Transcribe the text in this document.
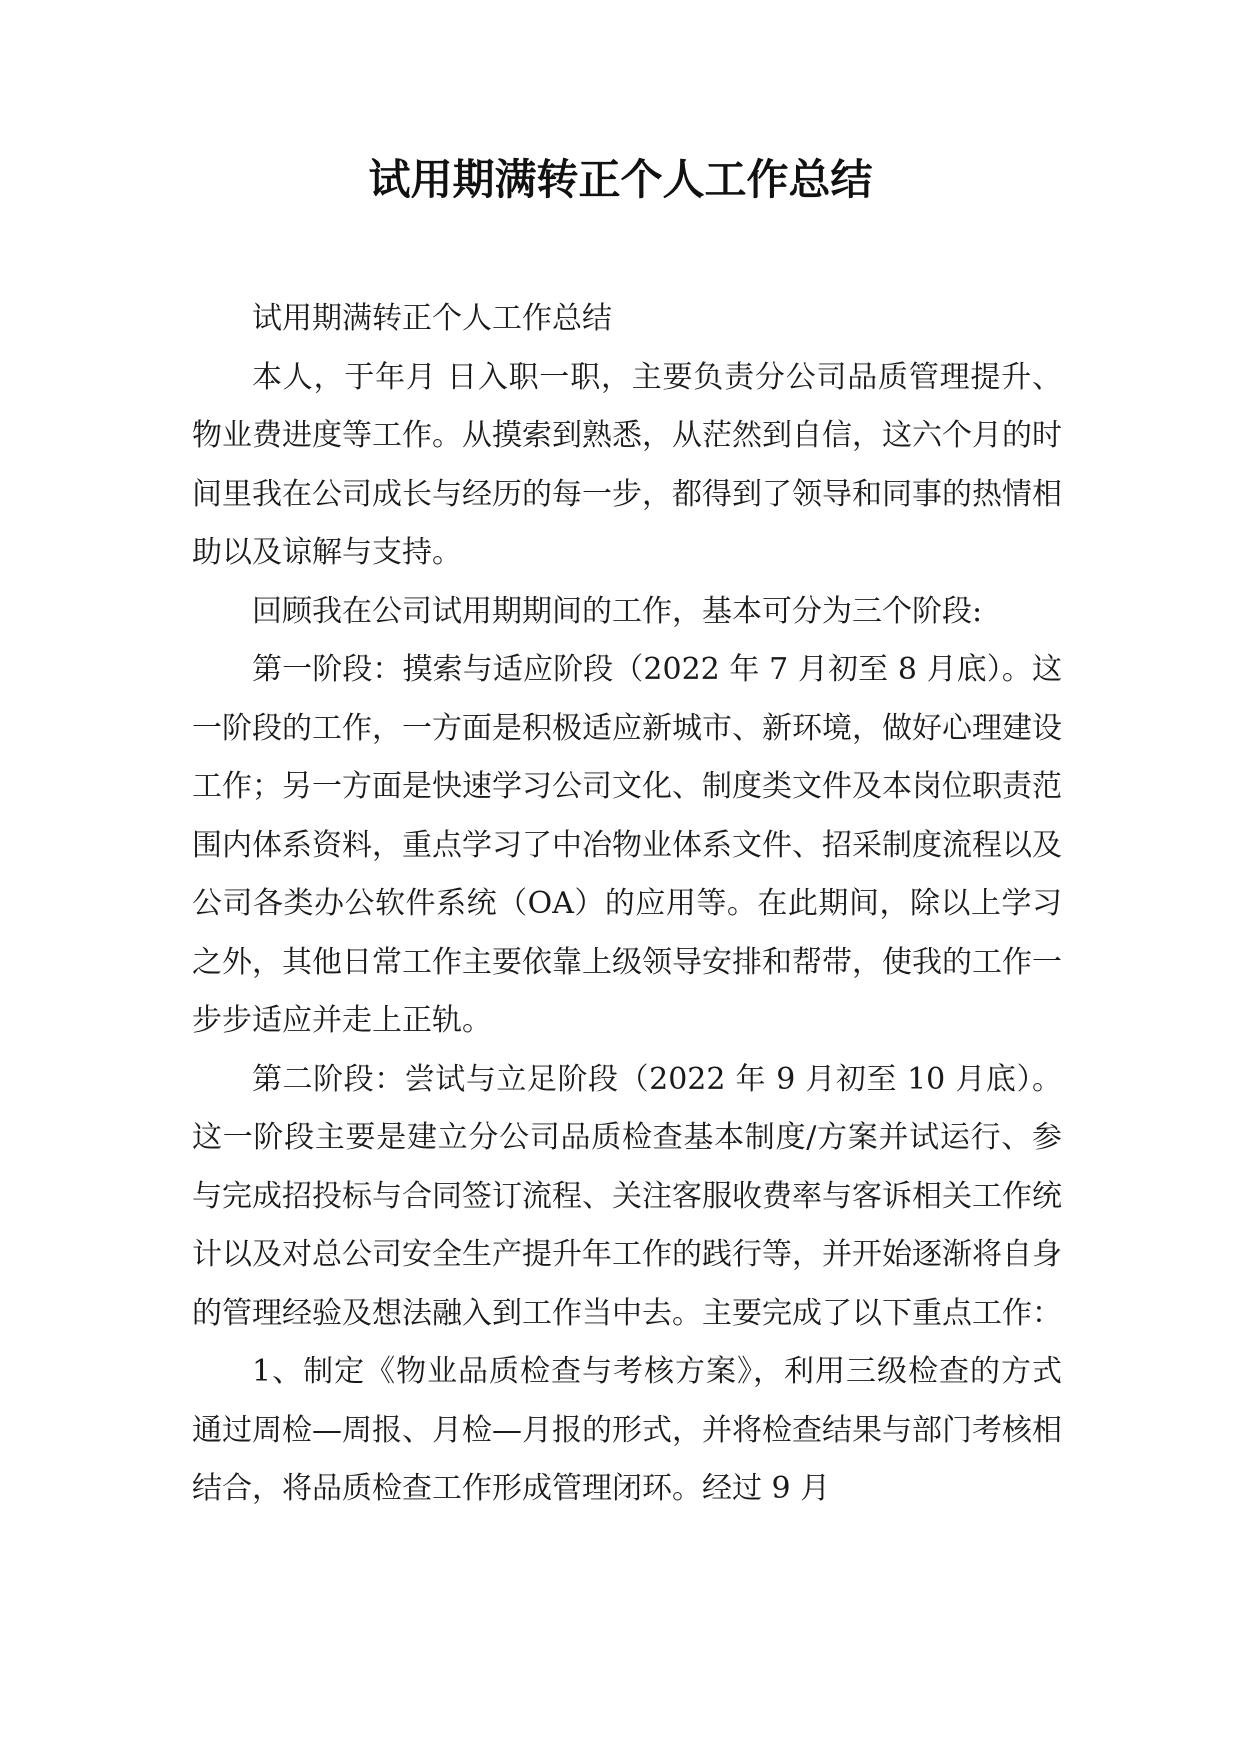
试用期满转正个人工作总结

试用期满转正个人工作总结

本人，于年月 日入职一职，主要负责分公司品质管理提升、物业费进度等工作。从摸索到熟悉，从茫然到自信，这六个月的时间里我在公司成长与经历的每一步，都得到了领导和同事的热情相助以及谅解与支持。

回顾我在公司试用期期间的工作，基本可分为三个阶段:

第一阶段：摸索与适应阶段（2022 年 7 月初至 8 月底）。这一阶段的工作，一方面是积极适应新城市、新环境，做好心理建设工作；另一方面是快速学习公司文化、制度类文件及本岗位职责范围内体系资料，重点学习了中冶物业体系文件、招采制度流程以及公司各类办公软件系统（OA）的应用等。在此期间，除以上学习之外，其他日常工作主要依靠上级领导安排和帮带，使我的工作一步步适应并走上正轨。

第二阶段：尝试与立足阶段（2022 年 9 月初至 10 月底）。这一阶段主要是建立分公司品质检查基本制度/方案并试运行、参与完成招投标与合同签订流程、关注客服收费率与客诉相关工作统计以及对总公司安全生产提升年工作的践行等，并开始逐渐将自身的管理经验及想法融入到工作当中去。主要完成了以下重点工作：

1、制定《物业品质检查与考核方案》，利用三级检查的方式通过周检—周报、月检—月报的形式，并将检查结果与部门考核相结合，将品质检查工作形成管理闭环。经过 9 月
